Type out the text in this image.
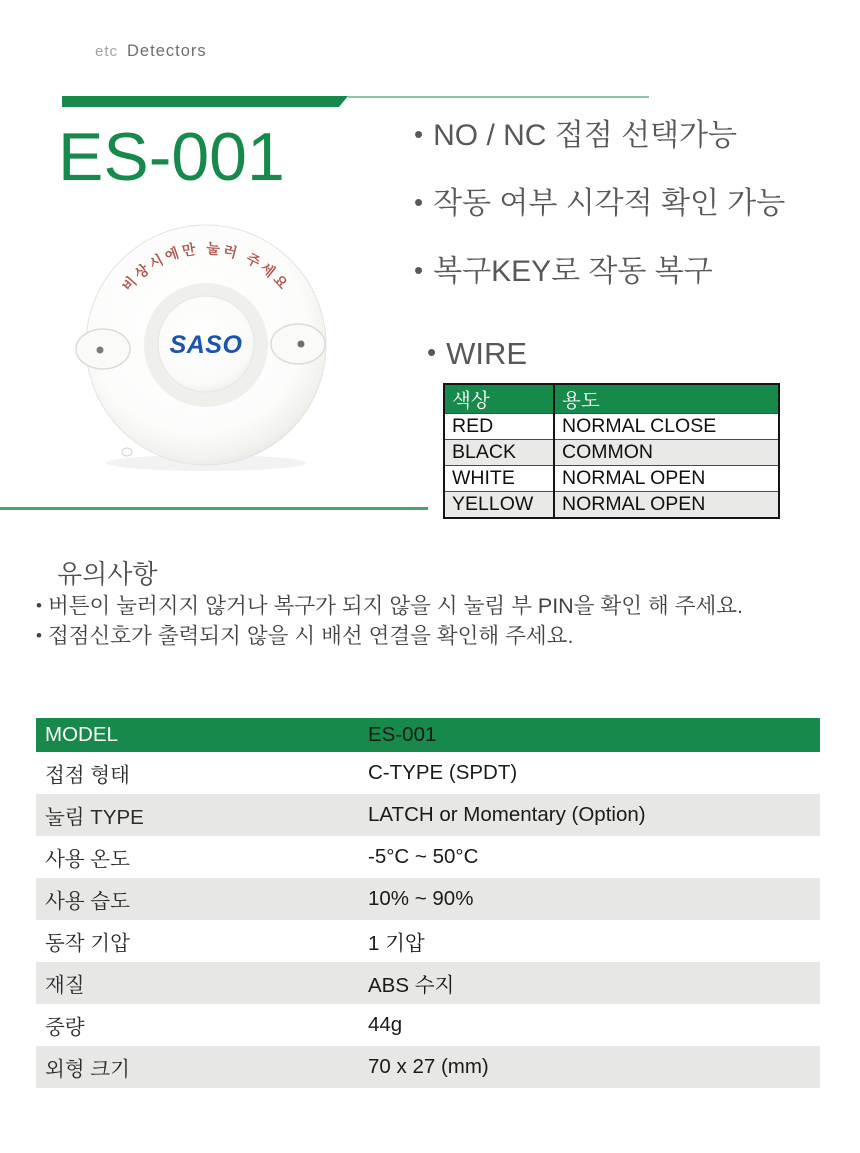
etc Detectors
ES-001
비상시에만 눌러 주세요
SASO
• NO / NC 접점 선택가능
• 작동 여부 시각적 확인 가능
• 복구KEY로 작동 복구
• WIRE
색상	용도
RED	NORMAL CLOSE
BLACK	COMMON
WHITE	NORMAL OPEN
YELLOW	NORMAL OPEN
유의사항
• 버튼이 눌러지지 않거나 복구가 되지 않을 시 눌림 부 PIN을 확인 해 주세요.
• 접점신호가 출력되지 않을 시 배선 연결을 확인해 주세요.
MODEL	ES-001
접점 형태	C-TYPE (SPDT)
눌림 TYPE	LATCH or Momentary (Option)
사용 온도	-5°C ~ 50°C
사용 습도	10% ~ 90%
동작 기압	1 기압
재질	ABS 수지
중량	44g
외형 크기	70 x 27 (mm)
